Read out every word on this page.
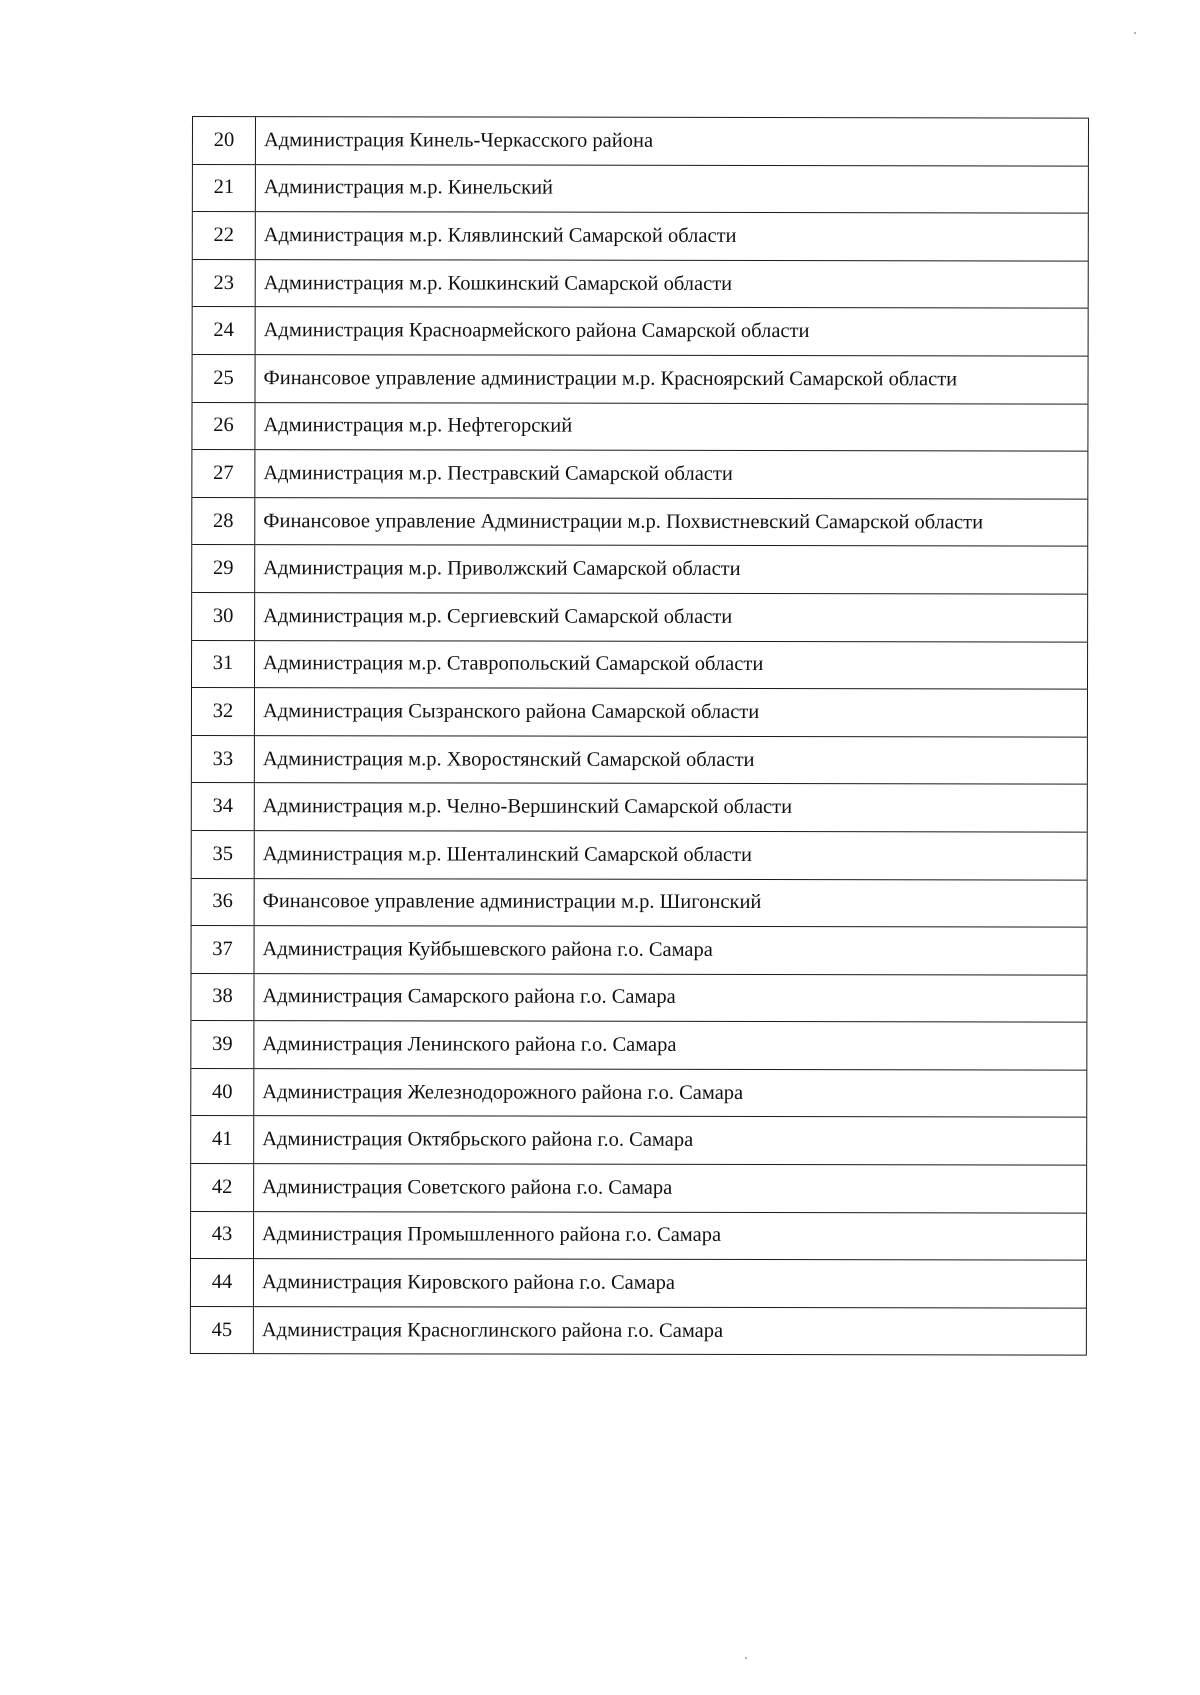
20	Администрация Кинель-Черкасского района
21	Администрация м.р. Кинельский
22	Администрация м.р. Клявлинский Самарской области
23	Администрация м.р. Кошкинский Самарской области
24	Администрация Красноармейского района Самарской области
25	Финансовое управление администрации м.р. Красноярский Самарской области
26	Администрация м.р. Нефтегорский
27	Администрация м.р. Пестравский Самарской области
28	Финансовое управление Администрации м.р. Похвистневский Самарской области
29	Администрация м.р. Приволжский Самарской области
30	Администрация м.р. Сергиевский Самарской области
31	Администрация м.р. Ставропольский Самарской области
32	Администрация Сызранского района Самарской области
33	Администрация м.р. Хворостянский Самарской области
34	Администрация м.р. Челно-Вершинский Самарской области
35	Администрация м.р. Шенталинский Самарской области
36	Финансовое управление администрации м.р. Шигонский
37	Администрация Куйбышевского района г.о. Самара
38	Администрация Самарского района г.о. Самара
39	Администрация Ленинского района г.о. Самара
40	Администрация Железнодорожного района г.о. Самара
41	Администрация Октябрьского района г.о. Самара
42	Администрация Советского района г.о. Самара
43	Администрация Промышленного района г.о. Самара
44	Администрация Кировского района г.о. Самара
45	Администрация Красноглинского района г.о. Самара
